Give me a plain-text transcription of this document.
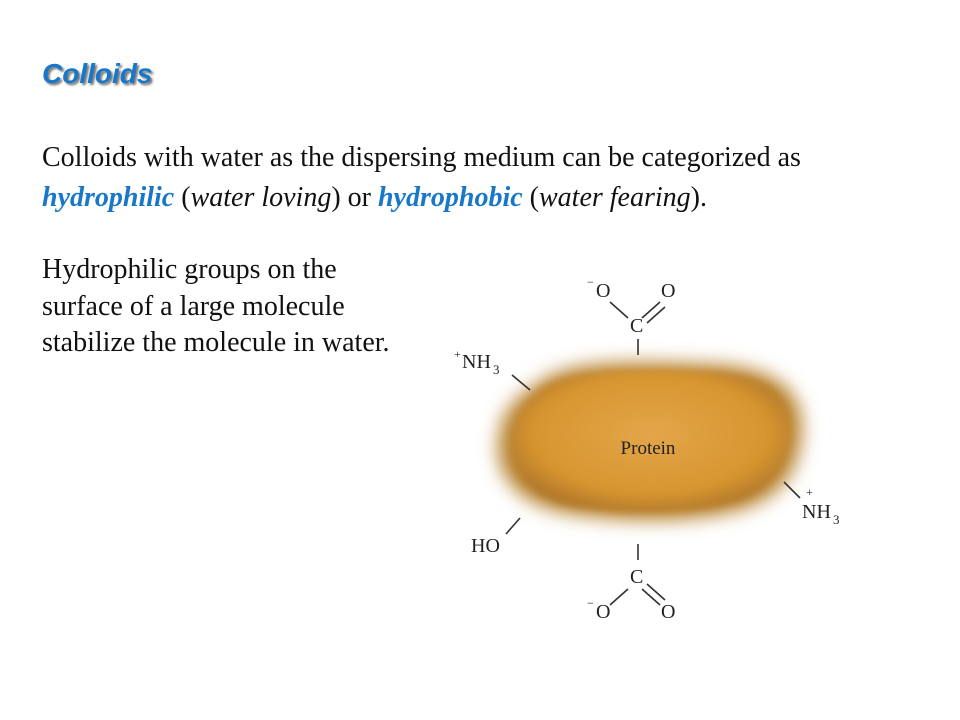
Colloids

Colloids with water as the dispersing medium can be categorized as
hydrophilic (water loving) or hydrophobic (water fearing).

Hydrophilic groups on the surface of a large molecule stabilize the molecule in water.

Protein
− O	O
C
+ NH 3
+
NH 3
HO
C
− O	O
